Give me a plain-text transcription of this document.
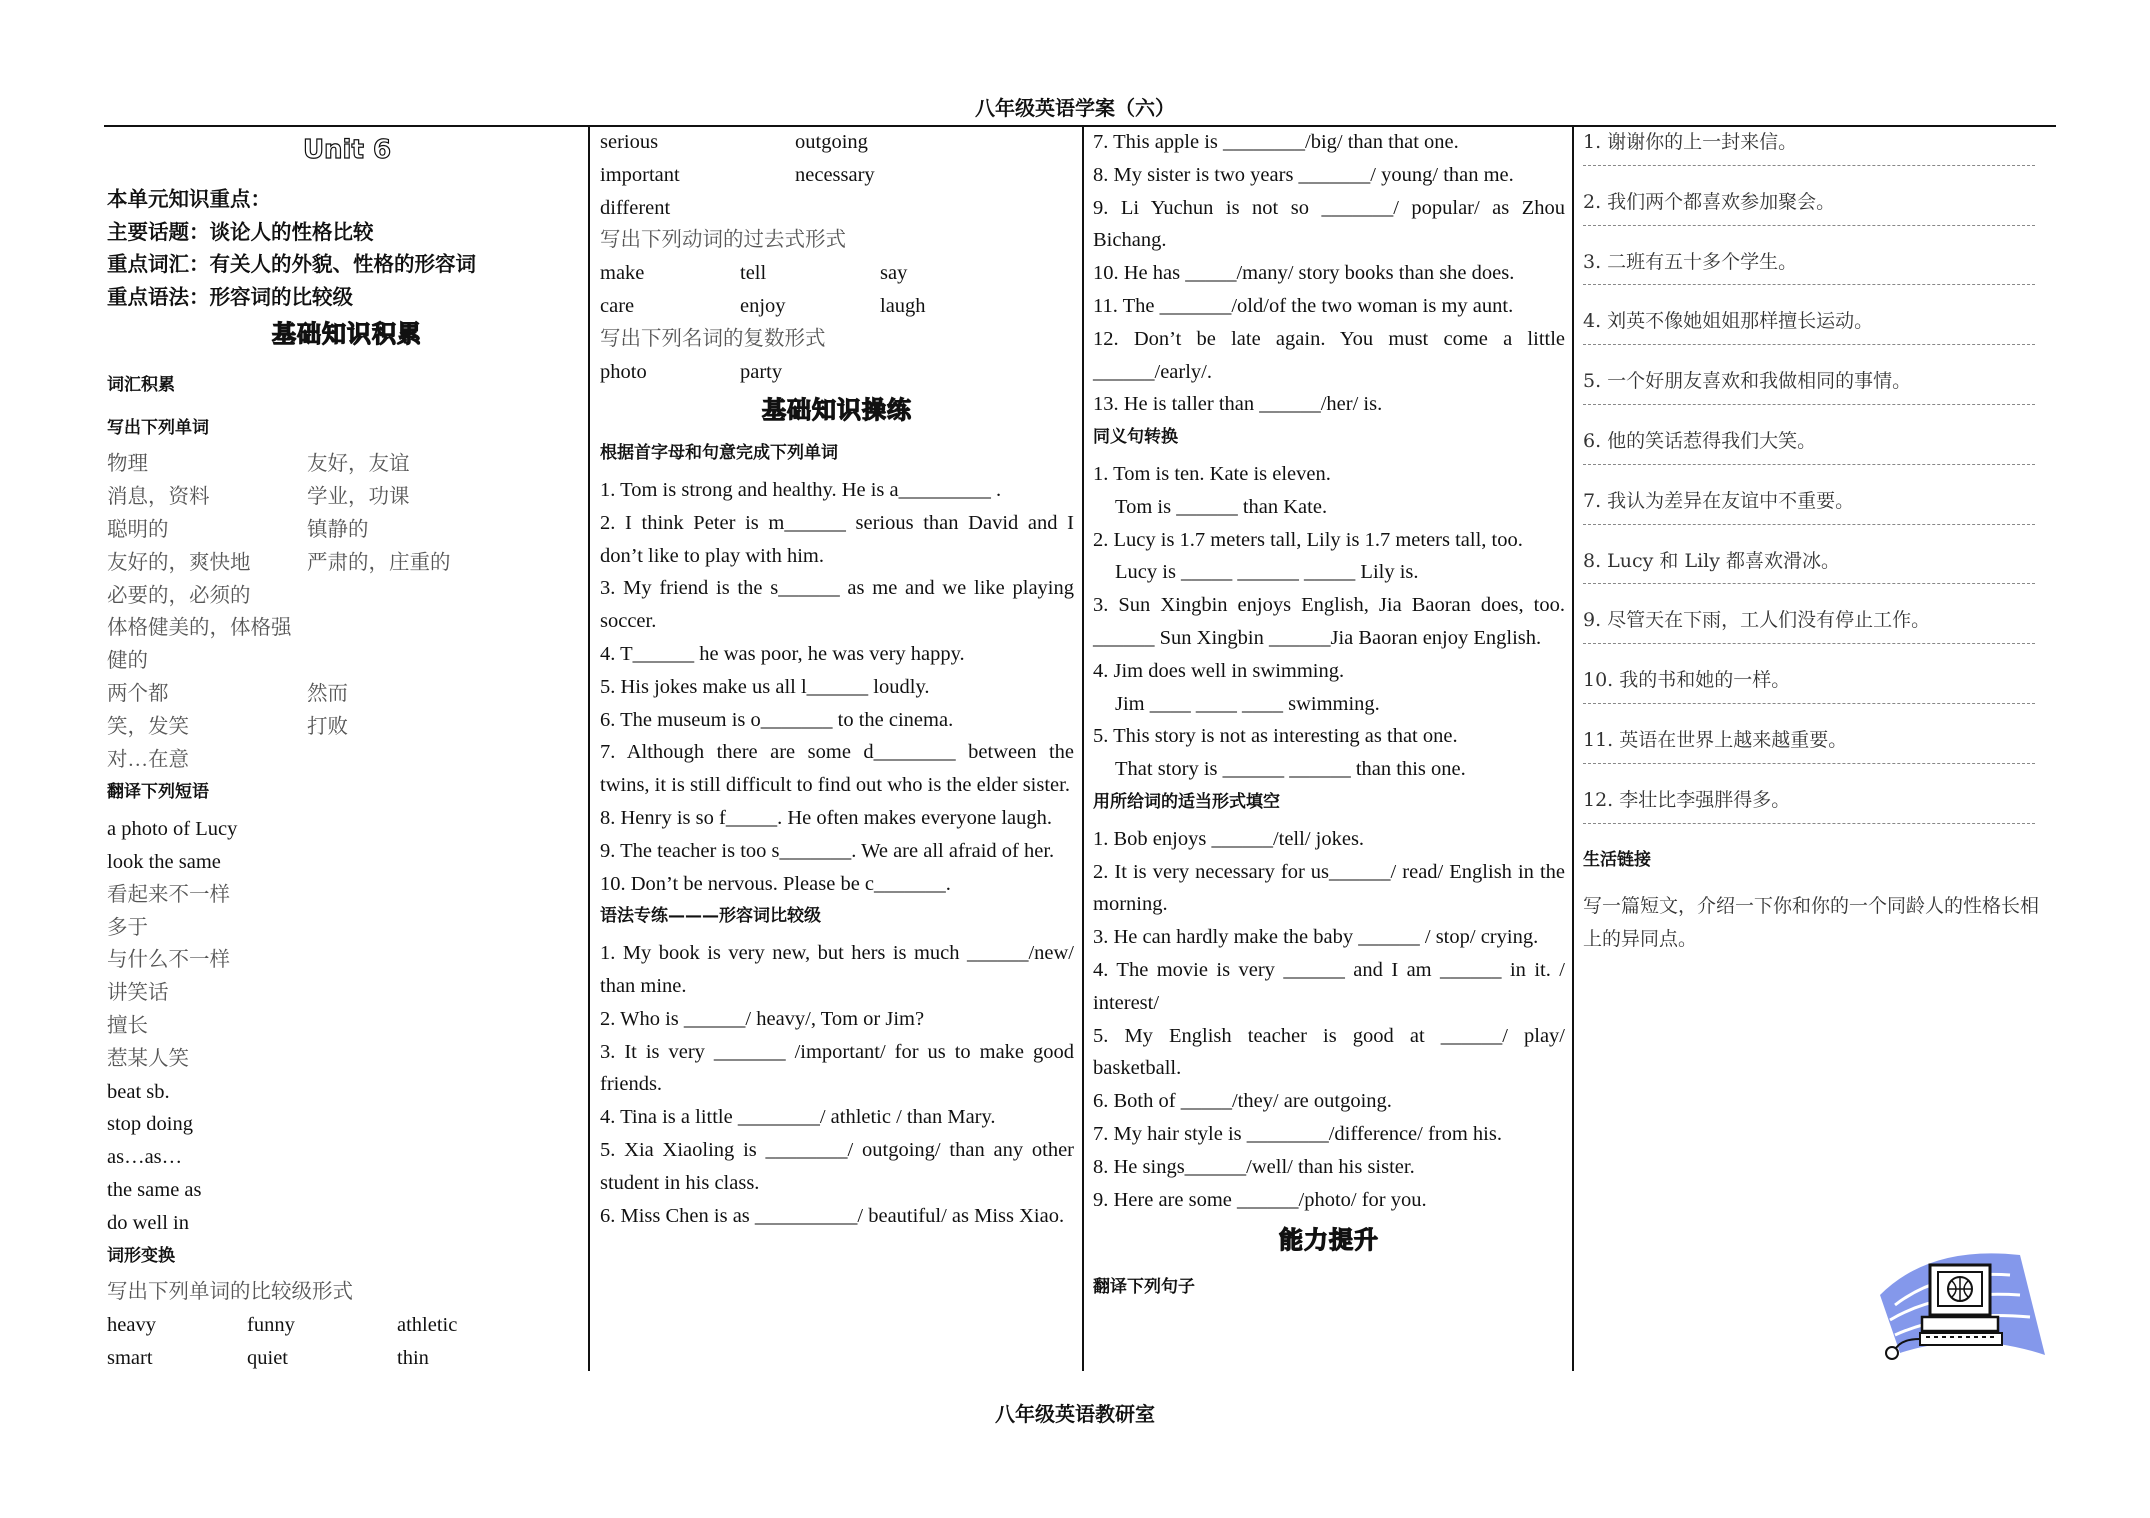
八年级英语学案（六）
Unit 6
本单元知识重点：
主要话题：谈论人的性格比较
重点词汇：有关人的外貌、性格的形容词
重点语法：形容词的比较级
基础知识积累
词汇积累
写出下列单词
物理	友好，友谊
消息，资料	学业，功课
聪明的	镇静的
友好的，爽快地	严肃的，庄重的
必要的，必须的
体格健美的，体格强健的
两个都	然而
笑，发笑	打败
对…在意
翻译下列短语
a photo of Lucy
look the same
看起来不一样
多于
与什么不一样
讲笑话
擅长
惹某人笑
beat sb.
stop doing
as…as…
the same as
do well in
词形变换
写出下列单词的比较级形式
heavy	funny	athletic
smart	quiet	thin
serious	outgoing
important	necessary
different
写出下列动词的过去式形式
make	tell	say
care	enjoy	laugh
写出下列名词的复数形式
photo	party
基础知识操练
根据首字母和句意完成下列单词
1. Tom is strong and healthy. He is a_________ .
2. I think Peter is m______ serious than David and I don’t like to play with him.
3. My friend is the s______ as me and we like playing soccer.
4. T______ he was poor, he was very happy.
5. His jokes make us all l______ loudly.
6. The museum is o_______ to the cinema.
7. Although there are some d________ between the twins, it is still difficult to find out who is the elder sister.
8. Henry is so f_____. He often makes everyone laugh.
9. The teacher is too s_______. We are all afraid of her.
10. Don’t be nervous. Please be c_______.
语法专练———形容词比较级
1. My book is very new, but hers is much ______/new/ than mine.
2. Who is ______/ heavy/, Tom or Jim?
3. It is very _______ /important/ for us to make good friends.
4. Tina is a little ________/ athletic / than Mary.
5. Xia Xiaoling is ________/ outgoing/ than any other student in his class.
6. Miss Chen is as __________/ beautiful/ as Miss Xiao.
7. This apple is ________/big/ than that one.
8. My sister is two years _______/ young/ than me.
9. Li Yuchun is not so _______/ popular/ as Zhou Bichang.
10. He has _____/many/ story books than she does.
11. The _______/old/of the two woman is my aunt.
12. Don’t be late again. You must come a little ______/early/.
13. He is taller than ______/her/ is.
同义句转换
1. Tom is ten. Kate is eleven.
Tom is ______ than Kate.
2. Lucy is 1.7 meters tall, Lily is 1.7 meters tall, too.
Lucy is _____ ______ _____ Lily is.
3. Sun Xingbin enjoys English, Jia Baoran does, too. ______ Sun Xingbin ______Jia Baoran enjoy English.
4. Jim does well in swimming.
Jim ____ ____ ____ swimming.
5. This story is not as interesting as that one.
That story is ______ ______ than this one.
用所给词的适当形式填空
1. Bob enjoys ______/tell/ jokes.
2. It is very necessary for us______/ read/ English in the morning.
3. He can hardly make the baby ______ / stop/ crying.
4. The movie is very ______ and I am ______ in it. / interest/
5. My English teacher is good at ______/ play/ basketball.
6. Both of _____/they/ are outgoing.
7. My hair style is ________/difference/ from his.
8. He sings______/well/ than his sister.
9. Here are some ______/photo/ for you.
能力提升
翻译下列句子
1. 谢谢你的上一封来信。
2. 我们两个都喜欢参加聚会。
3. 二班有五十多个学生。
4. 刘英不像她姐姐那样擅长运动。
5. 一个好朋友喜欢和我做相同的事情。
6. 他的笑话惹得我们大笑。
7. 我认为差异在友谊中不重要。
8. Lucy 和 Lily 都喜欢滑冰。
9. 尽管天在下雨，工人们没有停止工作。
10. 我的书和她的一样。
11. 英语在世界上越来越重要。
12. 李壮比李强胖得多。
生活链接
写一篇短文，介绍一下你和你的一个同龄人的性格长相上的异同点。
八年级英语教研室
